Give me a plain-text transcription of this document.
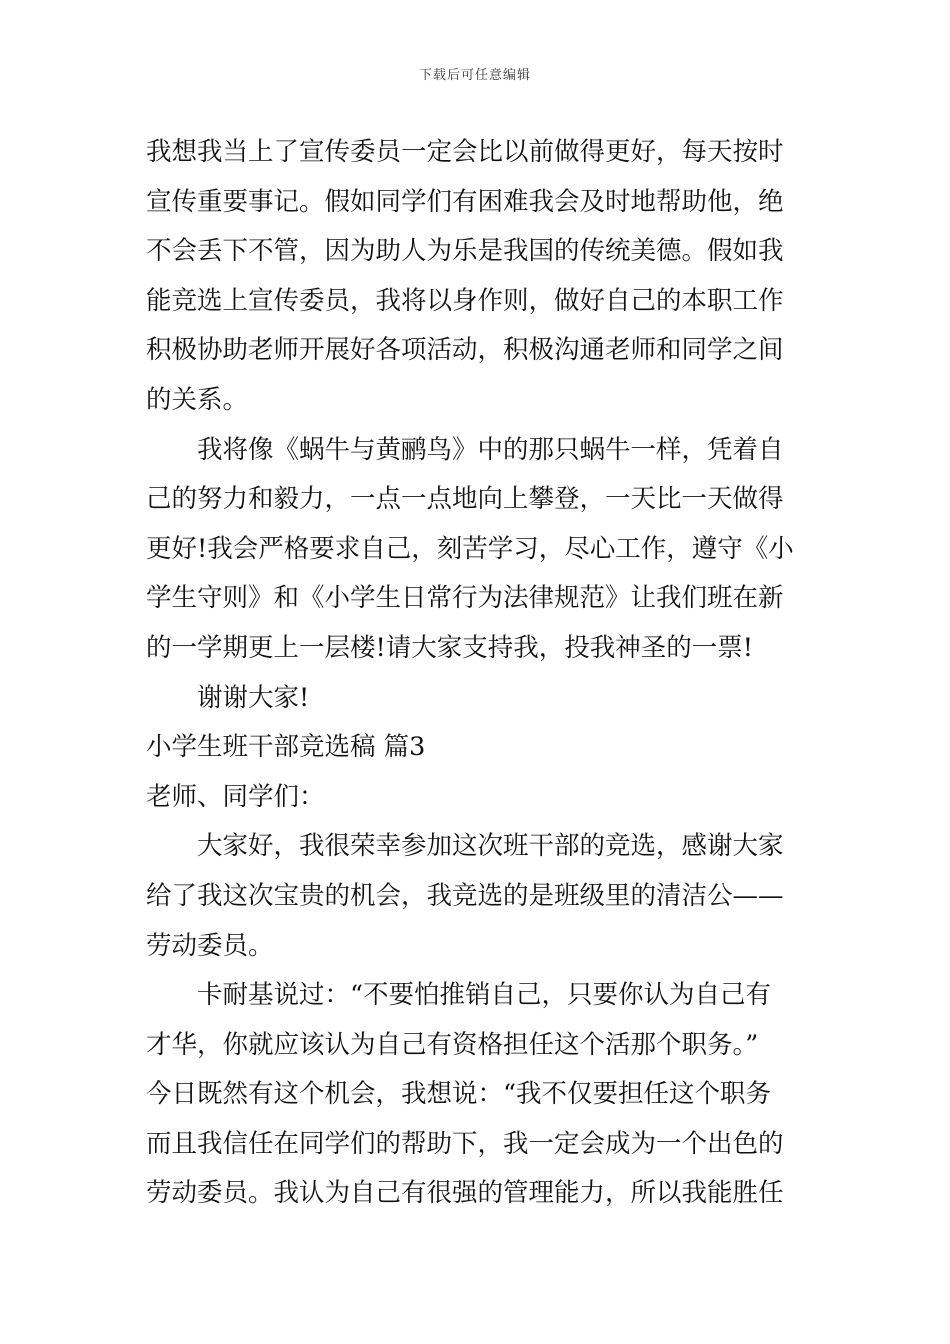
下载后可任意编辑
我想我当上了宣传委员一定会比以前做得更好，每天按时
宣传重要事记。假如同学们有困难我会及时地帮助他，绝
不会丢下不管，因为助人为乐是我国的传统美德。假如我
能竞选上宣传委员，我将以身作则，做好自己的本职工作
积极协助老师开展好各项活动，积极沟通老师和同学之间
的关系。
我将像《蜗牛与黄鹂鸟》中的那只蜗牛一样，凭着自
己的努力和毅力，一点一点地向上攀登，一天比一天做得
更好!我会严格要求自己，刻苦学习，尽心工作，遵守《小
学生守则》和《小学生日常行为法律规范》让我们班在新
的一学期更上一层楼!请大家支持我，投我神圣的一票!
谢谢大家!
小学生班干部竞选稿 篇3
老师、同学们：
大家好，我很荣幸参加这次班干部的竞选，感谢大家
给了我这次宝贵的机会，我竞选的是班级里的清洁公——
劳动委员。
卡耐基说过：“不要怕推销自己，只要你认为自己有
才华，你就应该认为自己有资格担任这个活那个职务。”
今日既然有这个机会，我想说：“我不仅要担任这个职务
而且我信任在同学们的帮助下，我一定会成为一个出色的
劳动委员。我认为自己有很强的管理能力，所以我能胜任
